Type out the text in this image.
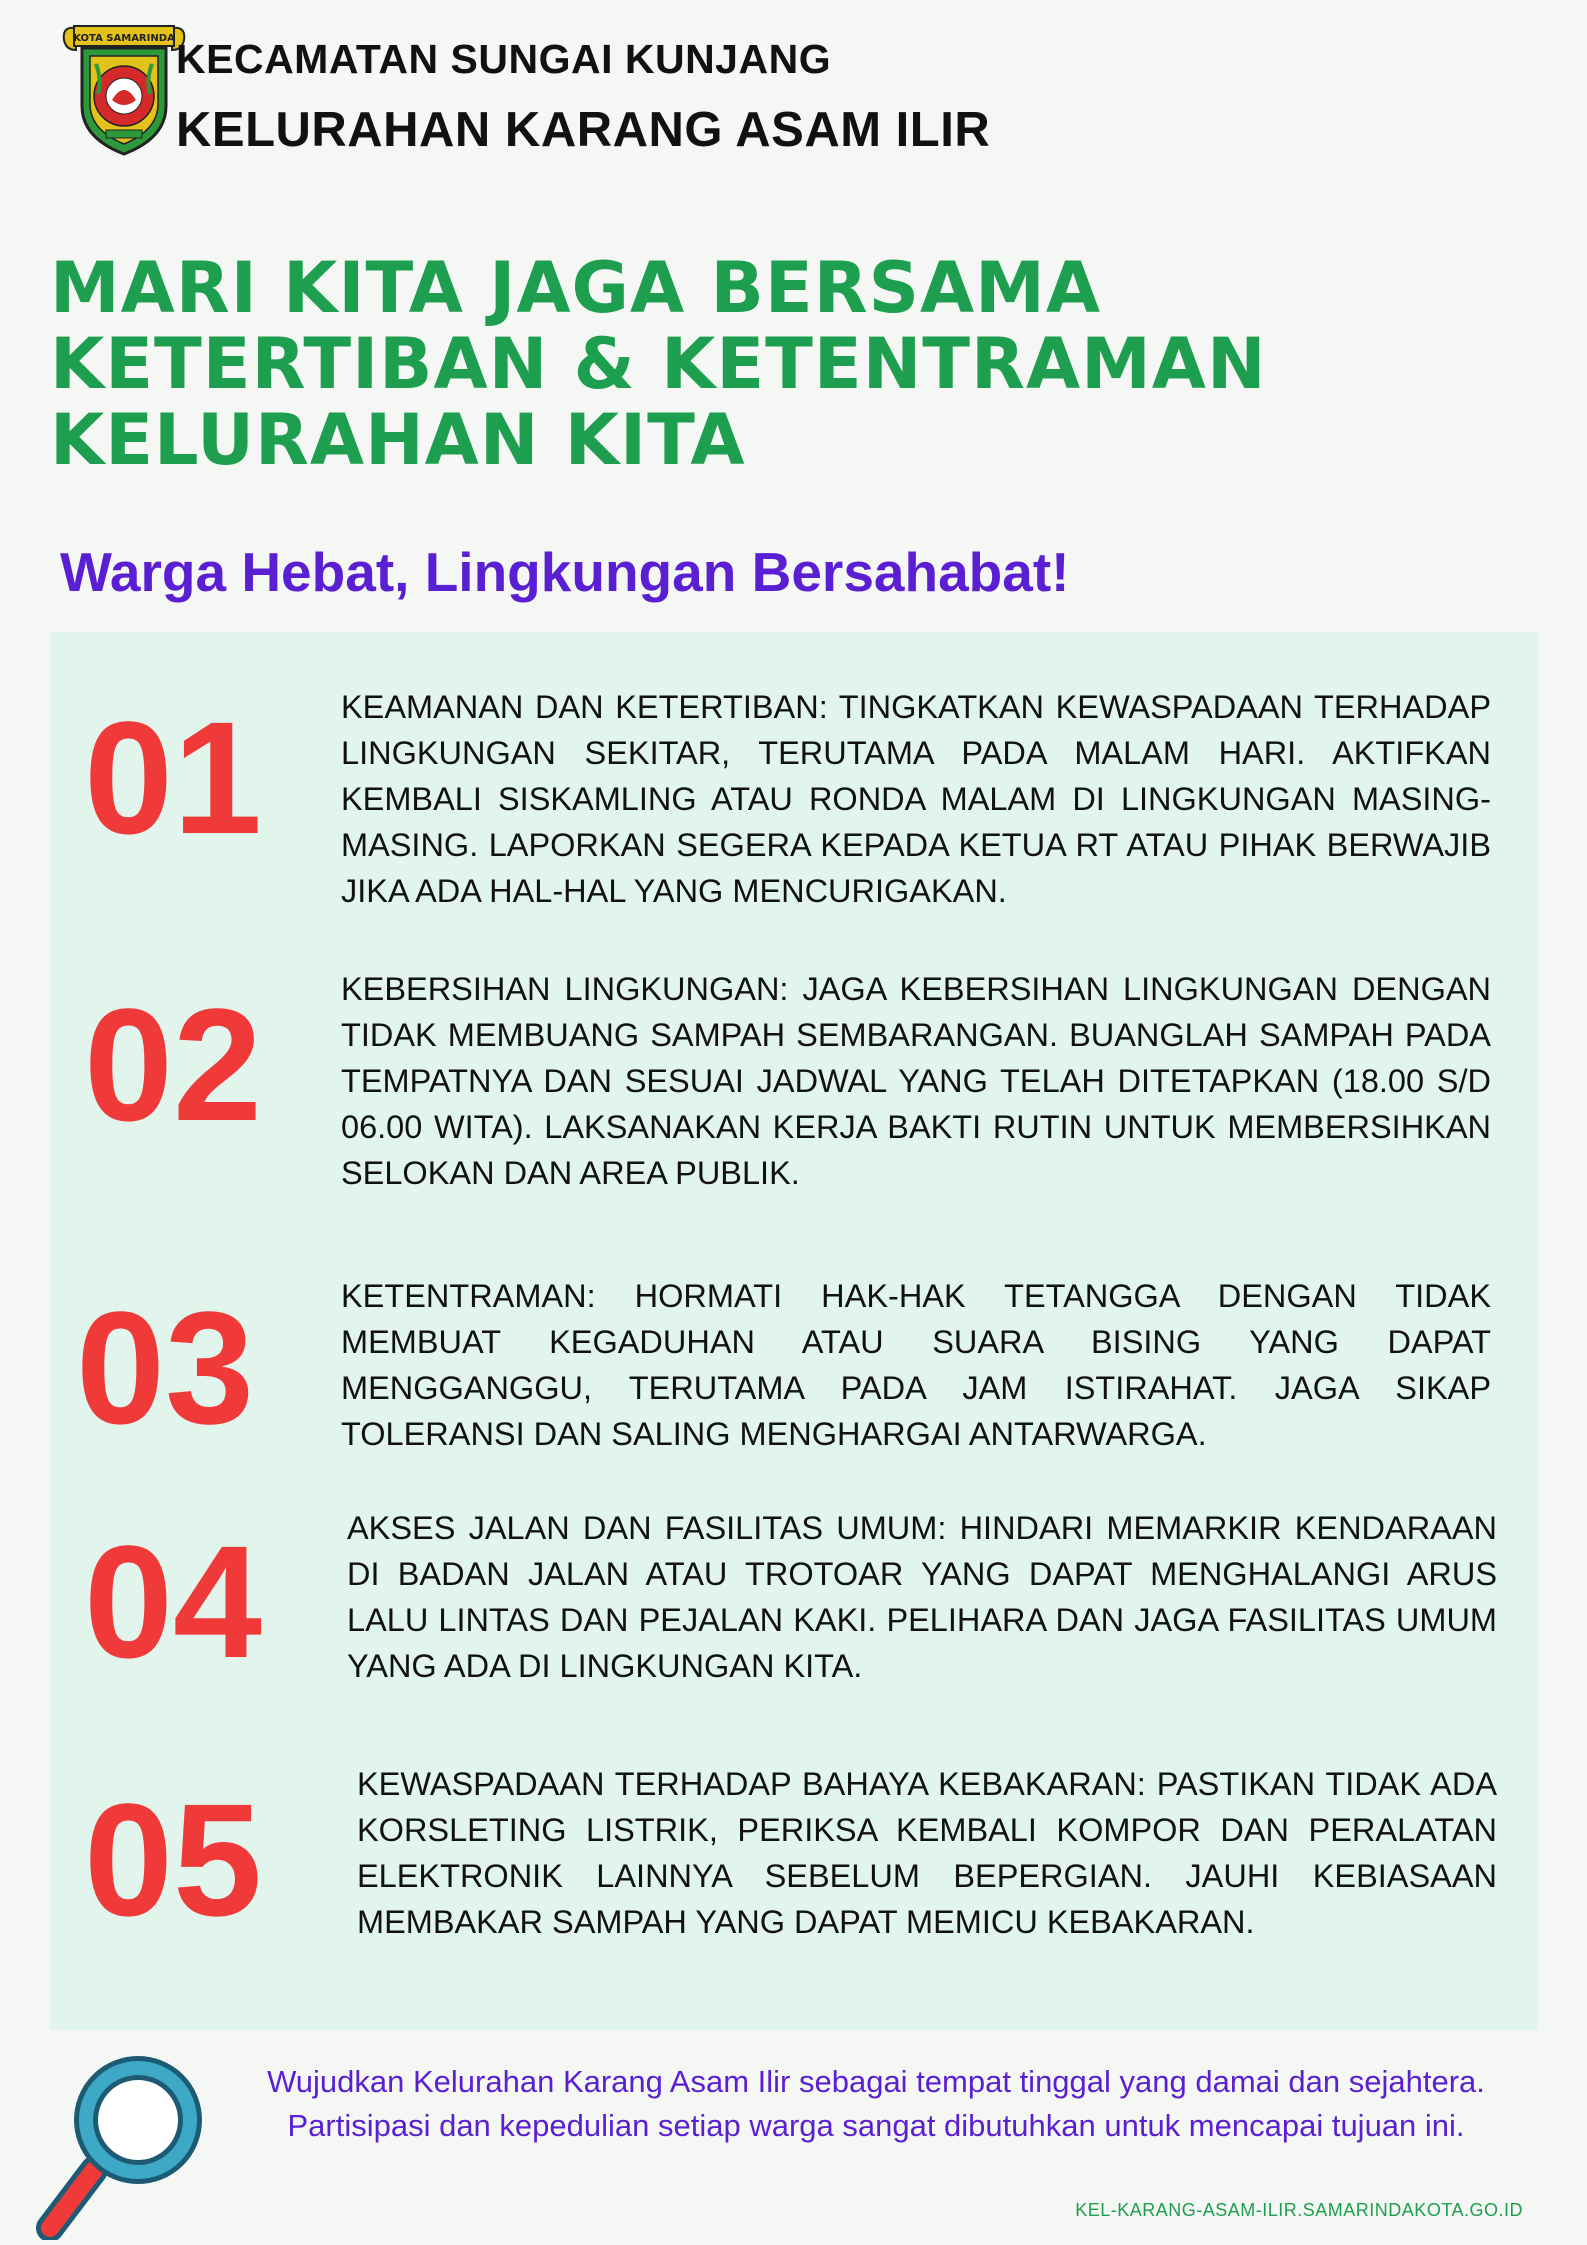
KOTA SAMARINDA KECAMATAN SUNGAI KUNJANG
KELURAHAN KARANG ASAM ILIR
MARI KITA JAGA BERSAMA
KETERTIBAN & KETENTRAMAN
KELURAHAN KITA
Warga Hebat, Lingkungan Bersahabat!
01 KEAMANAN DAN KETERTIBAN: TINGKATKAN KEWASPADAAN TERHADAP LINGKUNGAN SEKITAR, TERUTAMA PADA MALAM HARI. AKTIFKAN KEMBALI SISKAMLING ATAU RONDA MALAM DI LINGKUNGAN MASING-MASING. LAPORKAN SEGERA KEPADA KETUA RT ATAU PIHAK BERWAJIB JIKA ADA HAL-HAL YANG MENCURIGAKAN.
02 KEBERSIHAN LINGKUNGAN: JAGA KEBERSIHAN LINGKUNGAN DENGAN TIDAK MEMBUANG SAMPAH SEMBARANGAN. BUANGLAH SAMPAH PADA TEMPATNYA DAN SESUAI JADWAL YANG TELAH DITETAPKAN (18.00 S/D 06.00 WITA). LAKSANAKAN KERJA BAKTI RUTIN UNTUK MEMBERSIHKAN SELOKAN DAN AREA PUBLIK.
03	KETENTRAMAN: HORMATI HAK-HAK TETANGGA DENGAN TIDAK MEMBUAT KEGADUHAN ATAU SUARA BISING YANG DAPAT MENGGANGGU, TERUTAMA PADA JAM ISTIRAHAT. JAGA SIKAP TOLERANSI DAN SALING MENGHARGAI ANTARWARGA.
04	AKSES JALAN DAN FASILITAS UMUM: HINDARI MEMARKIR KENDARAAN DI BADAN JALAN ATAU TROTOAR YANG DAPAT MENGHALANGI ARUS LALU LINTAS DAN PEJALAN KAKI. PELIHARA DAN JAGA FASILITAS UMUM YANG ADA DI LINGKUNGAN KITA.
05	KEWASPADAAN TERHADAP BAHAYA KEBAKARAN: PASTIKAN TIDAK ADA KORSLETING LISTRIK, PERIKSA KEMBALI KOMPOR DAN PERALATAN ELEKTRONIK LAINNYA SEBELUM BEPERGIAN. JAUHI KEBIASAAN MEMBAKAR SAMPAH YANG DAPAT MEMICU KEBAKARAN.
Wujudkan Kelurahan Karang Asam Ilir sebagai tempat tinggal yang damai dan sejahtera.
Partisipasi dan kepedulian setiap warga sangat dibutuhkan untuk mencapai tujuan ini.
KEL-KARANG-ASAM-ILIR.SAMARINDAKOTA.GO.ID
